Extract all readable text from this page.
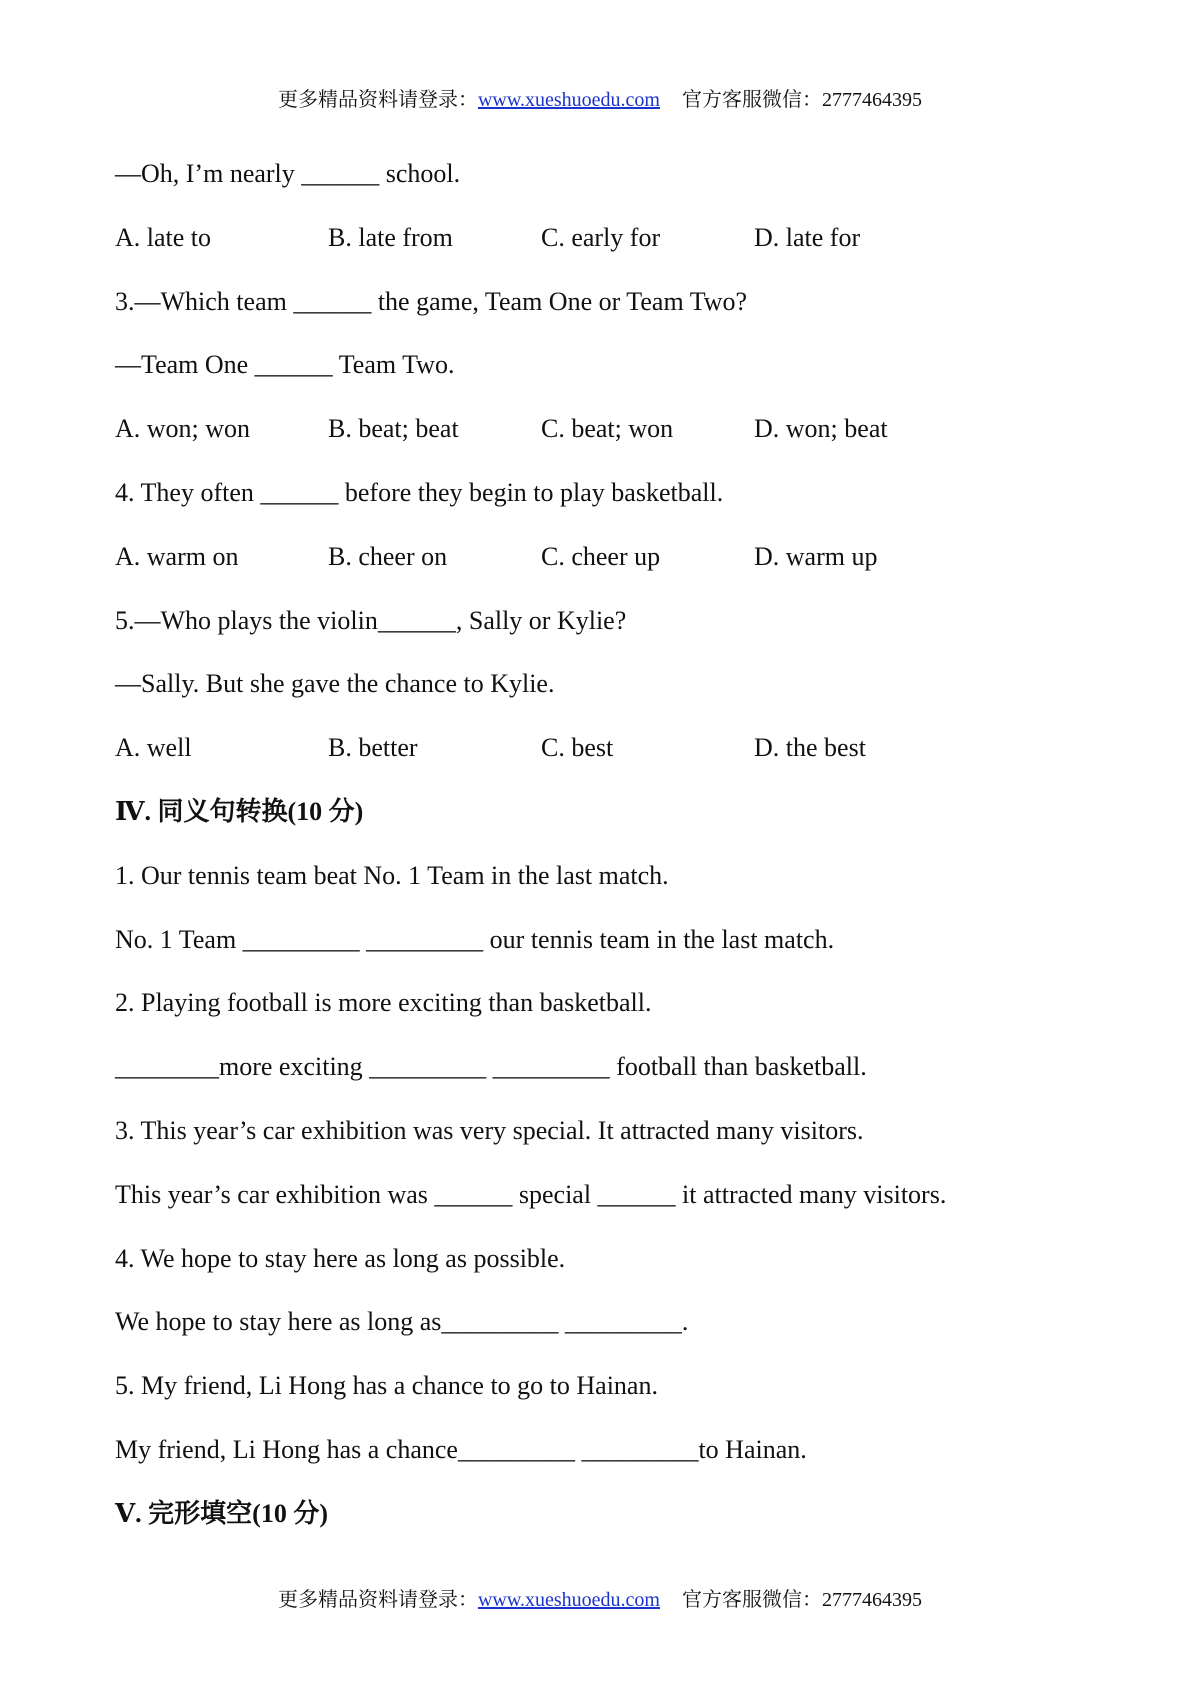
更多精品资料请登录：www.xueshuoedu.com 官方客服微信：2777464395
—Oh, I’m nearly ______ school.
A. late to	B. late from	C. early for	D. late for
3.—Which team ______ the game, Team One or Team Two?
—Team One ______ Team Two.
A. won; won	B. beat; beat	C. beat; won	D. won; beat
4. They often ______ before they begin to play basketball.
A. warm on	B. cheer on	C. cheer up	D. warm up
5.—Who plays the violin______, Sally or Kylie?
—Sally. But she gave the chance to Kylie.
A. well	B. better	C. best	D. the best
Ⅳ. 同义句转换(10 分)
1. Our tennis team beat No. 1 Team in the last match.
No. 1 Team _________ _________ our tennis team in the last match.
2. Playing football is more exciting than basketball.
________more exciting _________ _________ football than basketball.
3. This year’s car exhibition was very special. It attracted many visitors.
This year’s car exhibition was ______ special ______ it attracted many visitors.
4. We hope to stay here as long as possible.
We hope to stay here as long as_________ _________.
5. My friend, Li Hong has a chance to go to Hainan.
My friend, Li Hong has a chance_________ _________to Hainan.
Ⅴ. 完形填空(10 分)
更多精品资料请登录：www.xueshuoedu.com 官方客服微信：2777464395
